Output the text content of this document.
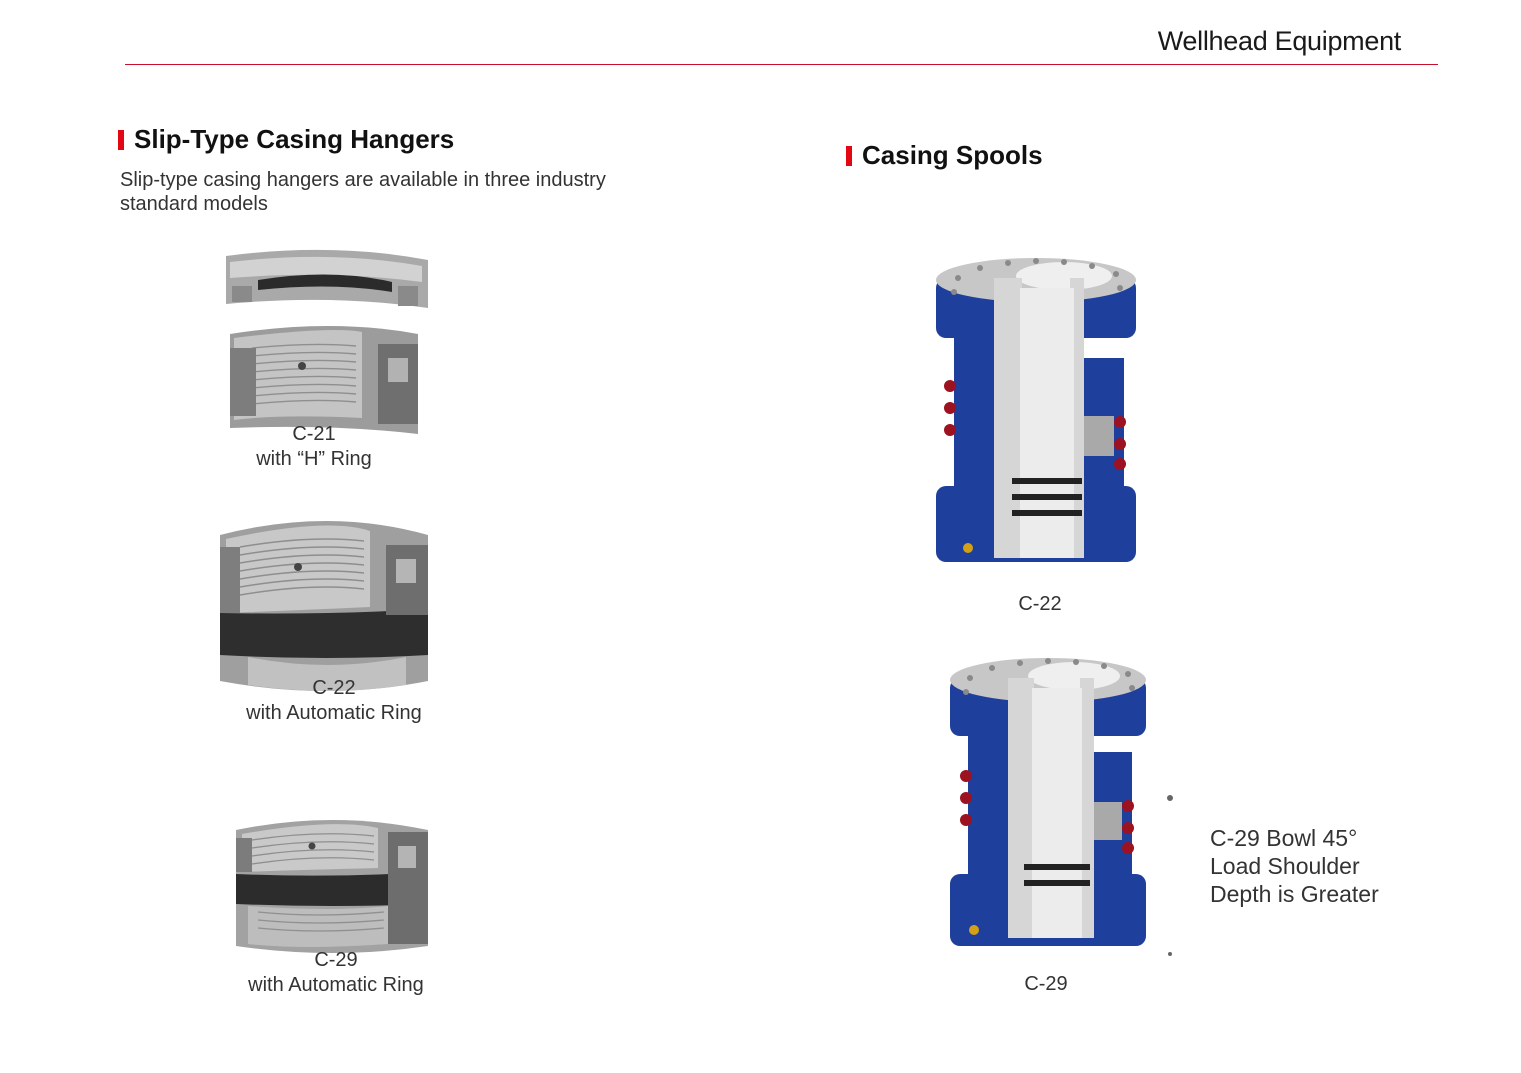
Wellhead Equipment
Slip-Type Casing Hangers
Slip-type casing hangers are available in three industry standard models
C-21
with “H” Ring
C-22
with Automatic Ring
C-29
with Automatic Ring
Casing Spools
C-22
C-29
C-29 Bowl 45°
Load Shoulder
Depth is Greater
